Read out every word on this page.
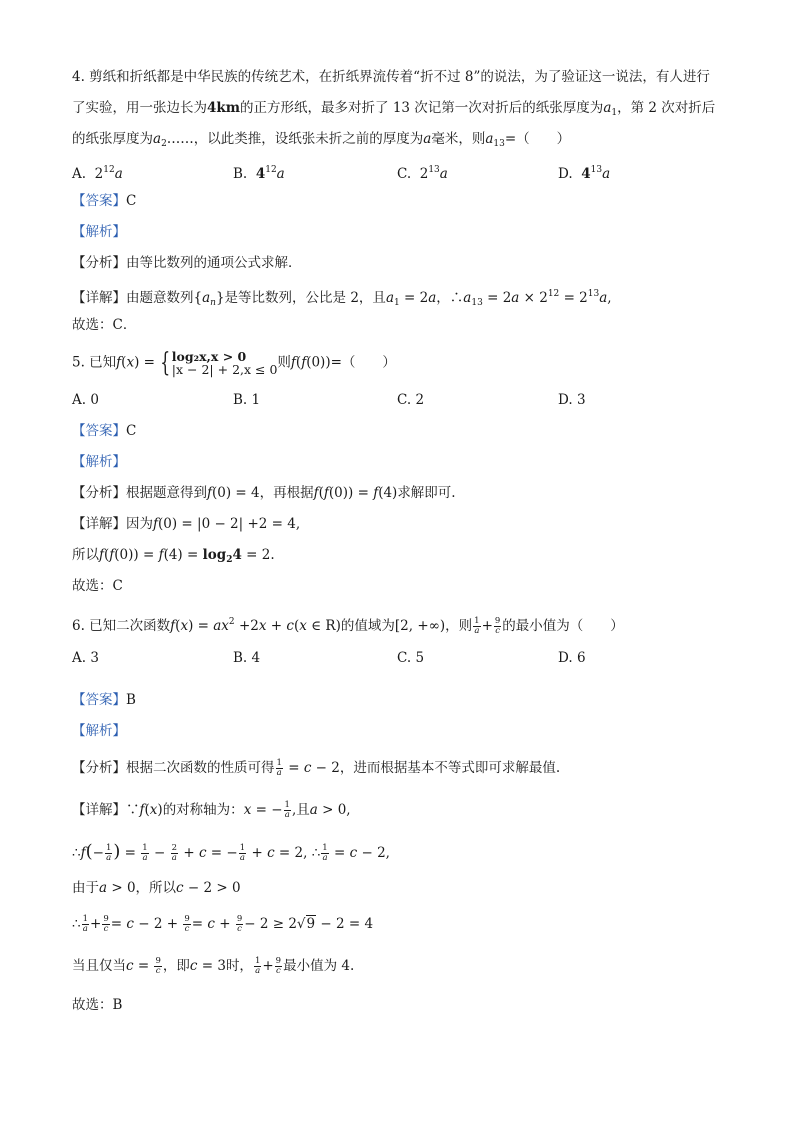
4. 剪纸和折纸都是中华民族的传统艺术，在折纸界流传着“折不过 8”的说法，为了验证这一说法，有人进行
了实验，用一张边长为4km的正方形纸，最多对折了 13 次记第一次对折后的纸张厚度为$a_1$，第 2 次对折后
的纸张厚度为$a_2\dots\dots$，以此类推，设纸张未折之前的厚度为a毫米，则$a_{13}=$（　　）
A. $2^{12}a$	B. $4^{12}a$	C. $2^{13}a$	D. $4^{13}a$
【答案】C
【解析】
【分析】由等比数列的通项公式求解．
【详解】由题意数列$\{a_n\}$是等比数列，公比是 2，且$a_1 = 2a$，$\therefore a_{13} = 2a \times 2^{12} = 2^{13}a$,
故选：C．
5. 已知f(x) = { log₂x,x > 0
|x − 2| + 2,x ≤ 0 则f(f(0))=（　　）
A. 0	B. 1	C. 2	D. 3
【答案】C
【解析】
【分析】根据题意得到f(0) = 4，再根据f(f(0)) = f(4)求解即可.
【详解】因为f(0) = |0 − 2| +2 = 4,
所以$f(f(0)) = f(4) = \log_24 = 2$.
故选：C
6. 已知二次函数$f(x) = ax^2 +2x + c(x$ ∈ R)的值域为[2, +∞)，则 $\frac{1}{a} + \frac{9}{c}$ 的最小值为（　　）
A. 3	B. 4	C. 5	D. 6
【答案】B
【解析】
【分析】根据二次函数的性质可得 $\frac{1}{a} = c - 2$，进而根据基本不等式即可求解最值.
【详解】∵f(x)的对称轴为：x = − $\frac{1}{a}$ ,且a > 0,
∴f(− $\frac{1}{a}$ ) = $\frac{1}{a} - \frac{2}{a} + c$ = − $\frac{1}{a} + c = 2$, ∴ $\frac{1}{a} = c - 2$,
由于a > 0，所以c − 2 > 0
∴ $\frac{1}{a} + \frac{9}{c} = c - 2 + \frac{9}{c} = c + \frac{9}{c} - 2 \ge 2√9 - 2 = 4$
当且仅当$c = \frac{9}{c}$ ，即c = 3时， $\frac{1}{a} + \frac{9}{c}$ 最小值为 4.
故选：B
